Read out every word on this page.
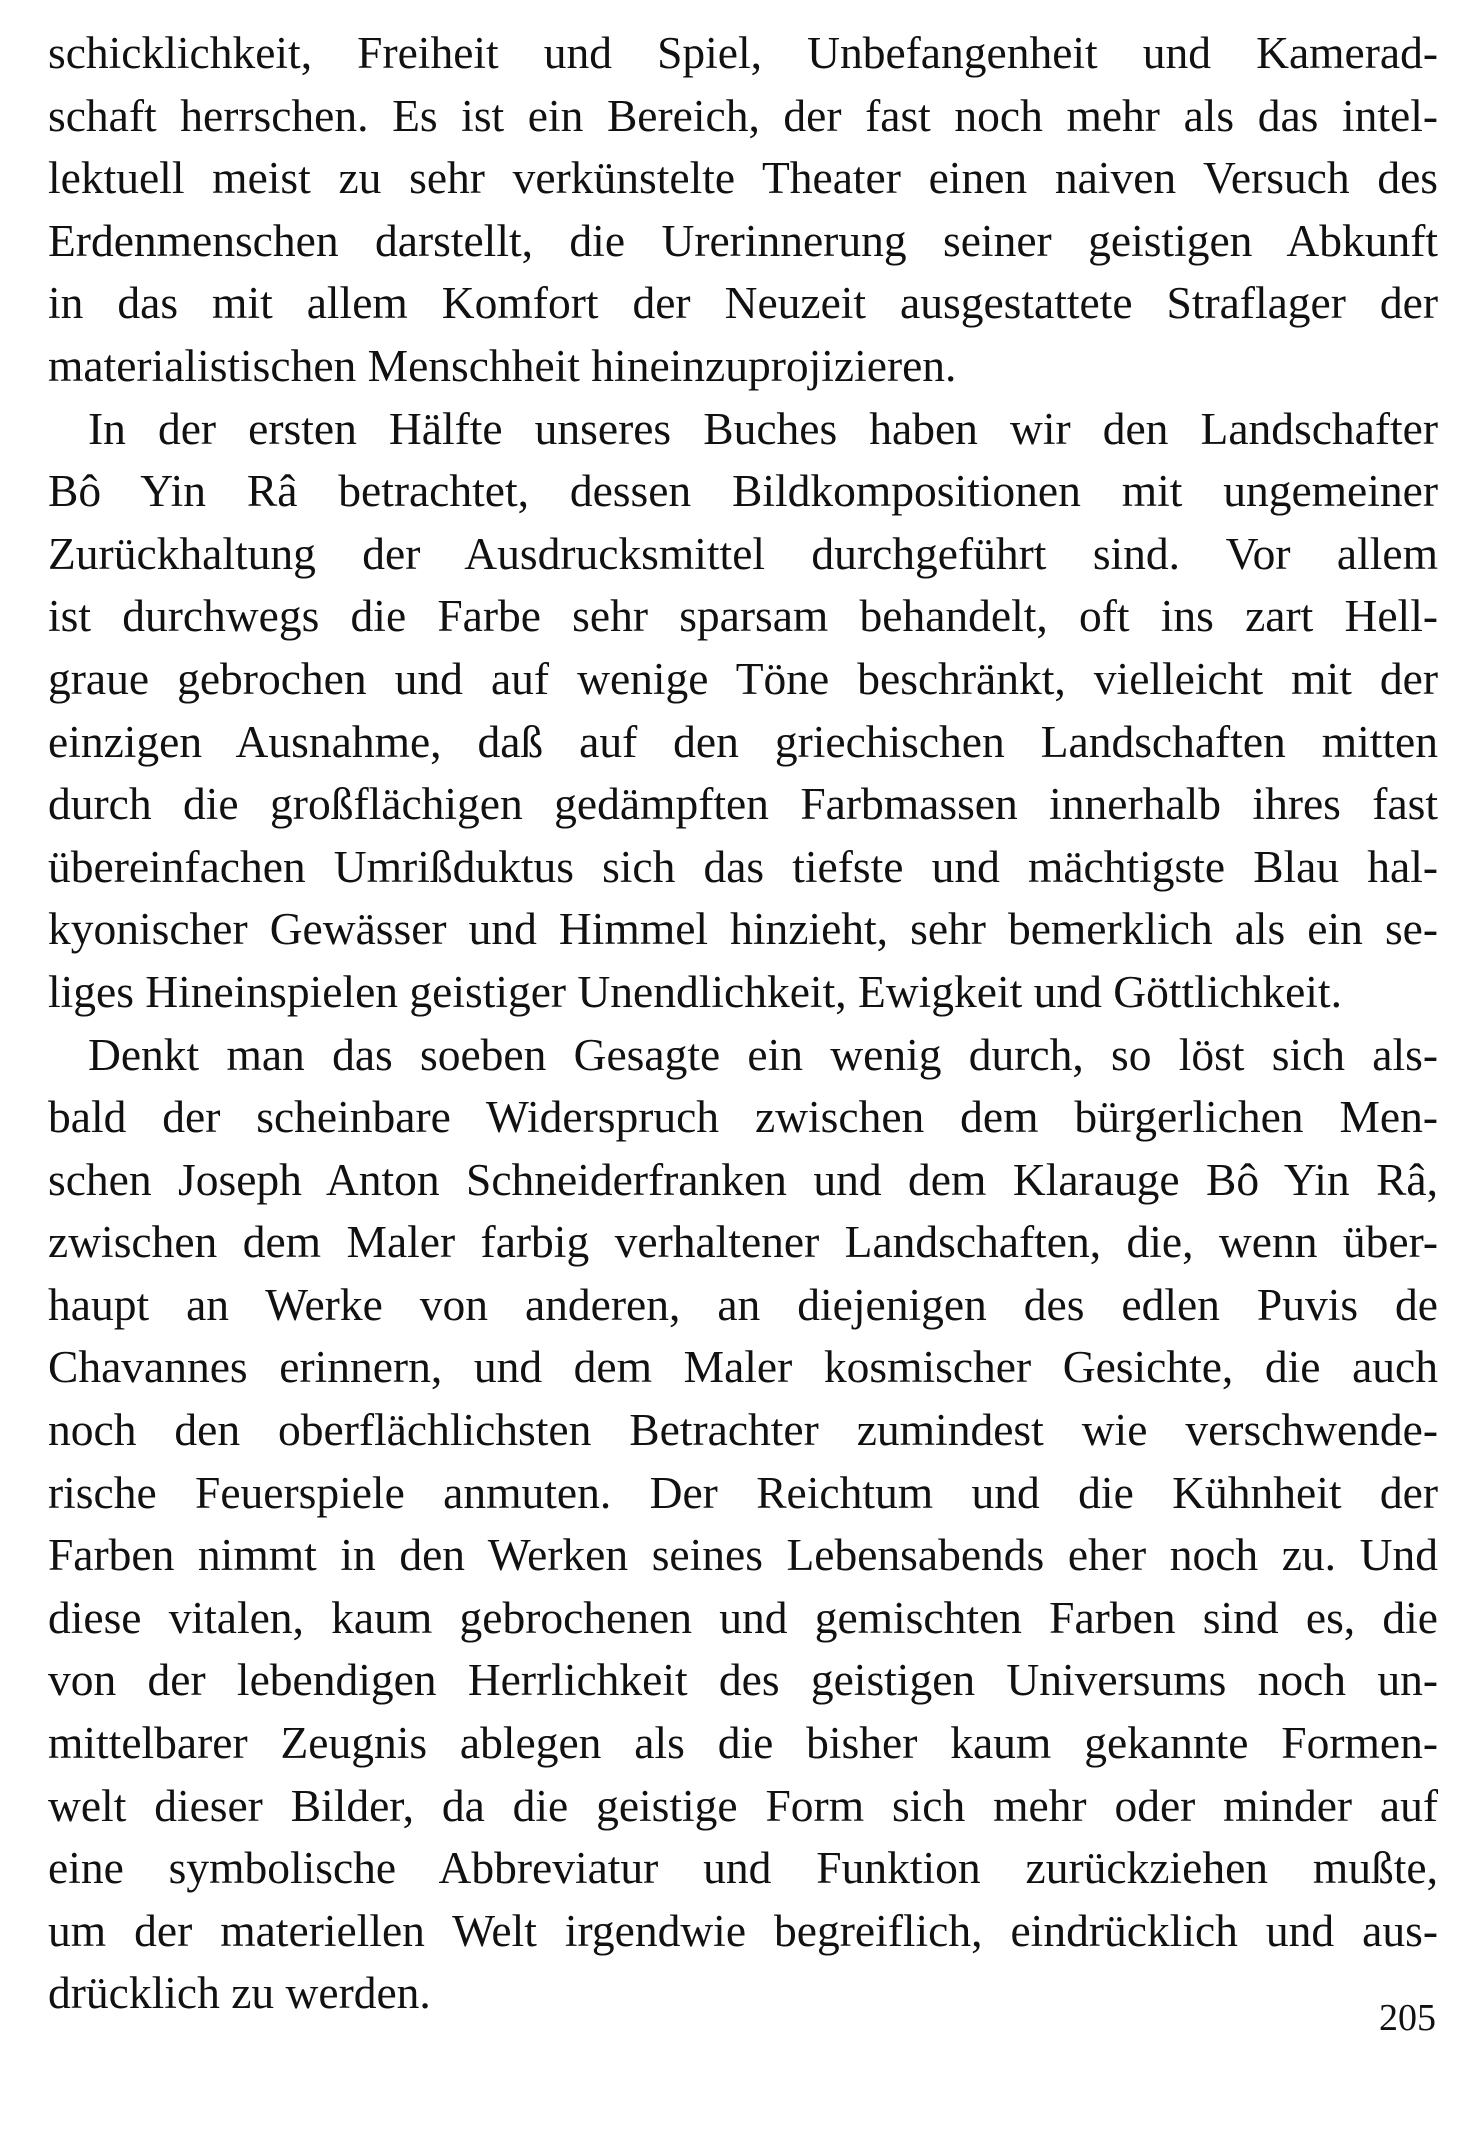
schicklichkeit, Freiheit und Spiel, Unbefangenheit und Kamerad-
schaft herrschen. Es ist ein Bereich, der fast noch mehr als das intel-
lektuell meist zu sehr verkünstelte Theater einen naiven Versuch des
Erdenmenschen darstellt, die Urerinnerung seiner geistigen Abkunft
in das mit allem Komfort der Neuzeit ausgestattete Straflager der
materialistischen Menschheit hineinzuprojizieren.
In der ersten Hälfte unseres Buches haben wir den Landschafter
Bô Yin Râ betrachtet, dessen Bildkompositionen mit ungemeiner
Zurückhaltung der Ausdrucksmittel durchgeführt sind. Vor allem
ist durchwegs die Farbe sehr sparsam behandelt, oft ins zart Hell-
graue gebrochen und auf wenige Töne beschränkt, vielleicht mit der
einzigen Ausnahme, daß auf den griechischen Landschaften mitten
durch die großflächigen gedämpften Farbmassen innerhalb ihres fast
übereinfachen Umrißduktus sich das tiefste und mächtigste Blau hal-
kyonischer Gewässer und Himmel hinzieht, sehr bemerklich als ein se-
liges Hineinspielen geistiger Unendlichkeit, Ewigkeit und Göttlichkeit.
Denkt man das soeben Gesagte ein wenig durch, so löst sich als-
bald der scheinbare Widerspruch zwischen dem bürgerlichen Men-
schen Joseph Anton Schneiderfranken und dem Klarauge Bô Yin Râ,
zwischen dem Maler farbig verhaltener Landschaften, die, wenn über-
haupt an Werke von anderen, an diejenigen des edlen Puvis de
Chavannes erinnern, und dem Maler kosmischer Gesichte, die auch
noch den oberflächlichsten Betrachter zumindest wie verschwende-
rische Feuerspiele anmuten. Der Reichtum und die Kühnheit der
Farben nimmt in den Werken seines Lebensabends eher noch zu. Und
diese vitalen, kaum gebrochenen und gemischten Farben sind es, die
von der lebendigen Herrlichkeit des geistigen Universums noch un-
mittelbarer Zeugnis ablegen als die bisher kaum gekannte Formen-
welt dieser Bilder, da die geistige Form sich mehr oder minder auf
eine symbolische Abbreviatur und Funktion zurückziehen mußte,
um der materiellen Welt irgendwie begreiflich, eindrücklich und aus-
drücklich zu werden.	205
